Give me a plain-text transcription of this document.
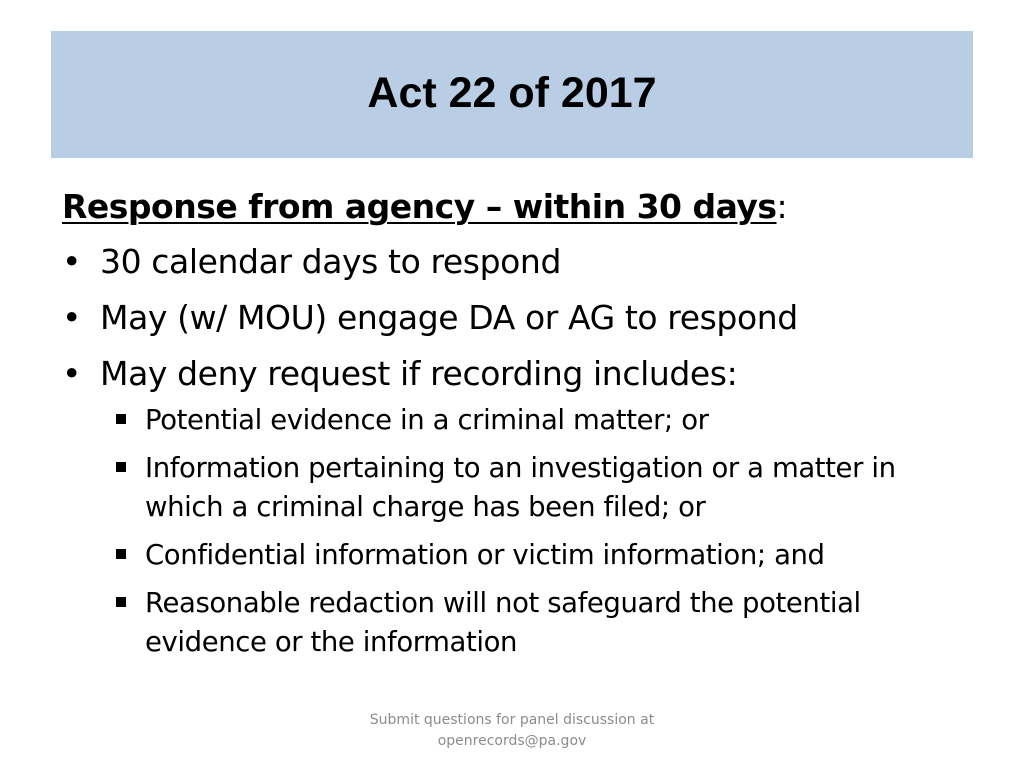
Act 22 of 2017
Response from agency – within 30 days:
• 30 calendar days to respond
• May (w/ MOU) engage DA or AG to respond
• May deny request if recording includes:
Potential evidence in a criminal matter; or
Information pertaining to an investigation or a matter in which a criminal charge has been filed; or
Confidential information or victim information; and
Reasonable redaction will not safeguard the potential evidence or the information
Submit questions for panel discussion at
openrecords@pa.gov
